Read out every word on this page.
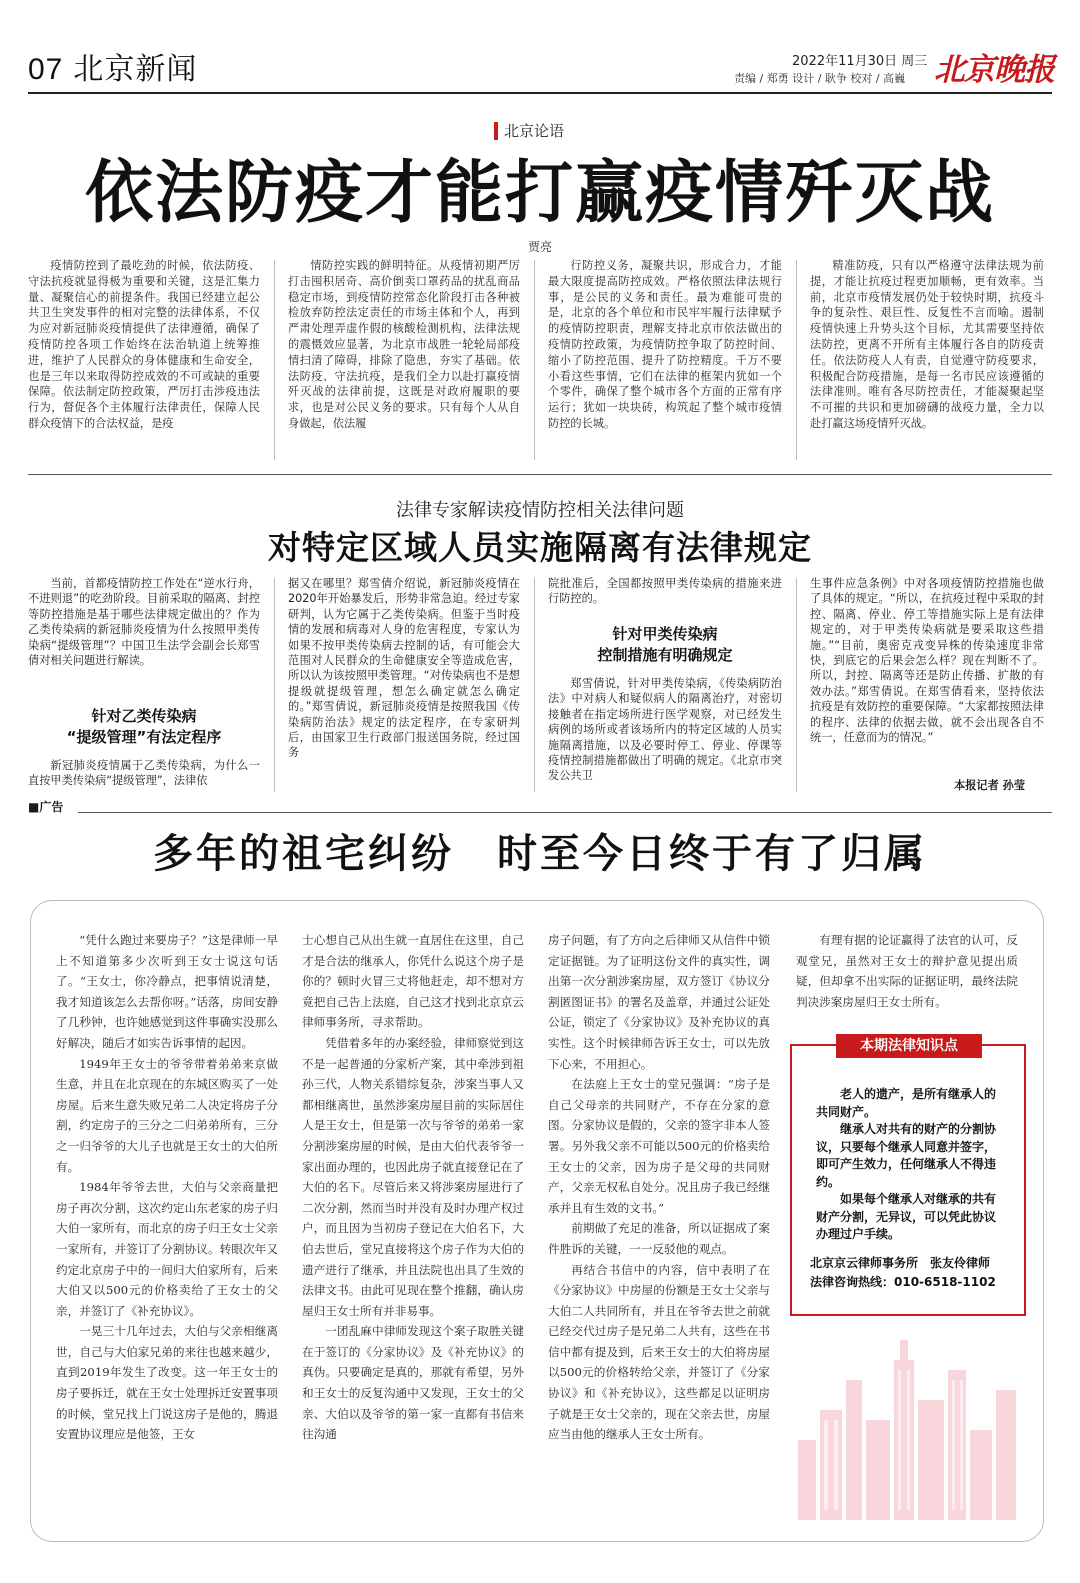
07 北京新闻	2022年11月30日 周三
责编 / 郑勇 设计 / 耿争 校对 / 高巍 北京晚报
北京论语
依法防疫才能打赢疫情歼灭战
贾亮
疫情防控到了最吃劲的时候，依法防疫、守法抗疫就显得极为重要和关键，这是汇集力量、凝聚信心的前提条件。我国已经建立起公共卫生突发事件的相对完整的法律体系，不仅为应对新冠肺炎疫情提供了法律遵循，确保了疫情防控各项工作始终在法治轨道上统筹推进，维护了人民群众的身体健康和生命安全，也是三年以来取得防控成效的不可或缺的重要保障。依法制定防控政策，严厉打击涉疫违法行为，督促各个主体履行法律责任，保障人民群众疫情下的合法权益，是疫
情防控实践的鲜明特征。从疫情初期严厉打击囤积居奇、高价倒卖口罩药品的扰乱商品稳定市场，到疫情防控常态化阶段打击各种被检放弃防控法定责任的市场主体和个人，再到严肃处理弄虚作假的核酸检测机构，法律法规的震慑效应显著，为北京市战胜一轮轮局部疫情扫清了障碍，排除了隐患，夯实了基础。依法防疫、守法抗疫，是我们全力以赴打赢疫情歼灭战的法律前提，这既是对政府履职的要求，也是对公民义务的要求。只有每个人从自身做起，依法履
行防控义务，凝聚共识，形成合力，才能最大限度提高防控成效。严格依照法律法规行事，是公民的义务和责任。最为难能可贵的是，北京的各个单位和市民牢牢履行法律赋予的疫情防控职责，理解支持北京市依法做出的疫情防控政策，为疫情防控争取了防控时间、缩小了防控范围、提升了防控精度。千万不要小看这些事情，它们在法律的框架内犹如一个个零件，确保了整个城市各个方面的正常有序运行；犹如一块块砖，构筑起了整个城市疫情防控的长城。
精准防疫，只有以严格遵守法律法规为前提，才能让抗疫过程更加顺畅，更有效率。当前，北京市疫情发展仍处于较快时期，抗疫斗争的复杂性、艰巨性、反复性不言而喻。遏制疫情快速上升势头这个目标，尤其需要坚持依法防控，更离不开所有主体履行各自的防疫责任。依法防疫人人有责，自觉遵守防疫要求，积极配合防疫措施，是每一名市民应该遵循的法律准则。唯有各尽防控责任，才能凝聚起坚不可摧的共识和更加磅礴的战疫力量，全力以赴打赢这场疫情歼灭战。
法律专家解读疫情防控相关法律问题
对特定区域人员实施隔离有法律规定
当前，首都疫情防控工作处在“逆水行舟，不进则退”的吃劲阶段。目前采取的隔离、封控等防控措施是基于哪些法律规定做出的？作为乙类传染病的新冠肺炎疫情为什么按照甲类传染病“提级管理”？中国卫生法学会副会长郑雪倩对相关问题进行解读。
针对乙类传染病
“提级管理”有法定程序
新冠肺炎疫情属于乙类传染病，为什么一直按甲类传染病“提级管理”，法律依
据又在哪里？郑雪倩介绍说，新冠肺炎疫情在2020年开始暴发后，形势非常急迫。经过专家研判，认为它属于乙类传染病。但鉴于当时疫情的发展和病毒对人身的危害程度，专家认为如果不按甲类传染病去控制的话，有可能会大范围对人民群众的生命健康安全等造成危害，所以认为该按照甲类管理。“对传染病也不是想提级就提级管理，想怎么确定就怎么确定的。”郑雪倩说，新冠肺炎疫情是按照我国《传染病防治法》规定的法定程序，在专家研判后，由国家卫生行政部门报送国务院，经过国务
院批准后，全国都按照甲类传染病的措施来进行防控的。
针对甲类传染病
控制措施有明确规定
郑雪倩说，针对甲类传染病，《传染病防治法》中对病人和疑似病人的隔离治疗，对密切接触者在指定场所进行医学观察，对已经发生病例的场所或者该场所内的特定区域的人员实施隔离措施，以及必要时停工、停业、停课等疫情控制措施都做出了明确的规定。《北京市突发公共卫
生事件应急条例》中对各项疫情防控措施也做了具体的规定。“所以，在抗疫过程中采取的封控、隔离、停业、停工等措施实际上是有法律规定的，对于甲类传染病就是要采取这些措施。”“目前，奥密克戎变异株的传染速度非常快，到底它的后果会怎么样？现在判断不了。所以，封控、隔离等还是防止传播、扩散的有效办法。”郑雪倩说。在郑雪倩看来，坚持依法抗疫是有效防控的重要保障。“大家都按照法律的程序、法律的依据去做，就不会出现各自不统一，任意而为的情况。”
本报记者 孙莹
■广告
多年的祖宅纠纷　时至今日终于有了归属

“凭什么跑过来要房子？”这是律师一早上不知道第多少次听到王女士说这句话了。“王女士，你冷静点，把事情说清楚，我才知道该怎么去帮你呀。”话落，房间安静了几秒钟，也许她感觉到这件事确实没那么好解决，随后才如实告诉事情的起因。

1949年王女士的爷爷带着弟弟来京做生意，并且在北京现在的东城区购买了一处房屋。后来生意失败兄弟二人决定将房子分割，约定房子的三分之二归弟弟所有，三分之一归爷爷的大儿子也就是王女士的大伯所有。

1984年爷爷去世，大伯与父亲商量把房子再次分割，这次约定山东老家的房子归大伯一家所有，而北京的房子归王女士父亲一家所有，并签订了分割协议。转眼次年又约定北京房子中的一间归大伯家所有，后来大伯又以500元的价格卖给了王女士的父亲，并签订了《补充协议》。

一晃三十几年过去，大伯与父亲相继离世，自己与大伯家兄弟的来往也越来越少，直到2019年发生了改变。这一年王女士的房子要拆迁，就在王女士处理拆迁安置事项的时候，堂兄找上门说这房子是他的，腾退安置协议理应是他签，王女

士心想自己从出生就一直居住在这里，自己才是合法的继承人，你凭什么说这个房子是你的？顿时火冒三丈将他赶走，却不想对方竟把自己告上法庭，自己这才找到北京京云律师事务所，寻求帮助。

凭借着多年的办案经验，律师察觉到这不是一起普通的分家析产案，其中牵涉到祖孙三代，人物关系错综复杂，涉案当事人又都相继离世，虽然涉案房屋目前的实际居住人是王女士，但是第一次与爷爷的弟弟一家分割涉案房屋的时候，是由大伯代表爷爷一家出面办理的，也因此房子就直接登记在了大伯的名下。尽管后来又将涉案房屋进行了二次分割，然而当时并没有及时办理产权过户，而且因为当初房子登记在大伯名下，大伯去世后，堂兄直接将这个房子作为大伯的遗产进行了继承，并且法院也出具了生效的法律文书。由此可见现在整个推翻，确认房屋归王女士所有并非易事。

一团乱麻中律师发现这个案子取胜关键在于签订的《分家协议》及《补充协议》的真伪。只要确定是真的，那就有希望，另外和王女士的反复沟通中又发现，王女士的父亲、大伯以及爷爷的第一家一直都有书信来往沟通

房子问题，有了方向之后律师又从信件中锁定证据链。为了证明这份文件的真实性，调出第一次分割涉案房屋，双方签订《协议分割匿图证书》的署名及盖章，并通过公证处公证，锁定了《分家协议》及补充协议的真实性。这个时候律师告诉王女士，可以先放下心来，不用担心。

在法庭上王女士的堂兄强调：“房子是自己父母亲的共同财产，不存在分家的意图。分家协议是假的，父亲的签字非本人签署。另外我父亲不可能以500元的价格卖给王女士的父亲，因为房子是父母的共同财产，父亲无权私自处分。况且房子我已经继承并且有生效的文书。”

前期做了充足的准备，所以证据成了案件胜诉的关键，一一反驳他的观点。

再结合书信中的内容，信中表明了在《分家协议》中房屋的份额是王女士父亲与大伯二人共同所有，并且在爷爷去世之前就已经交代过房子是兄弟二人共有，这些在书信中都有提及到，后来王女士的大伯将房屋以500元的价格转给父亲，并签订了《分家协议》和《补充协议》，这些都足以证明房子就是王女士父亲的，现在父亲去世，房屋应当由他的继承人王女士所有。

有理有据的论证赢得了法官的认可，反观堂兄，虽然对王女士的辩护意见提出质疑，但却拿不出实际的证据证明，最终法院判决涉案房屋归王女士所有。

本期法律知识点

老人的遗产，是所有继承人的共同财产。

继承人对共有的财产的分割协议，只要每个继承人同意并签字，即可产生效力，任何继承人不得违约。

如果每个继承人对继承的共有财产分割，无异议，可以凭此协议办理过户手续。

北京京云律师事务所　张友伶律师
法律咨询热线：010-6518-1102
